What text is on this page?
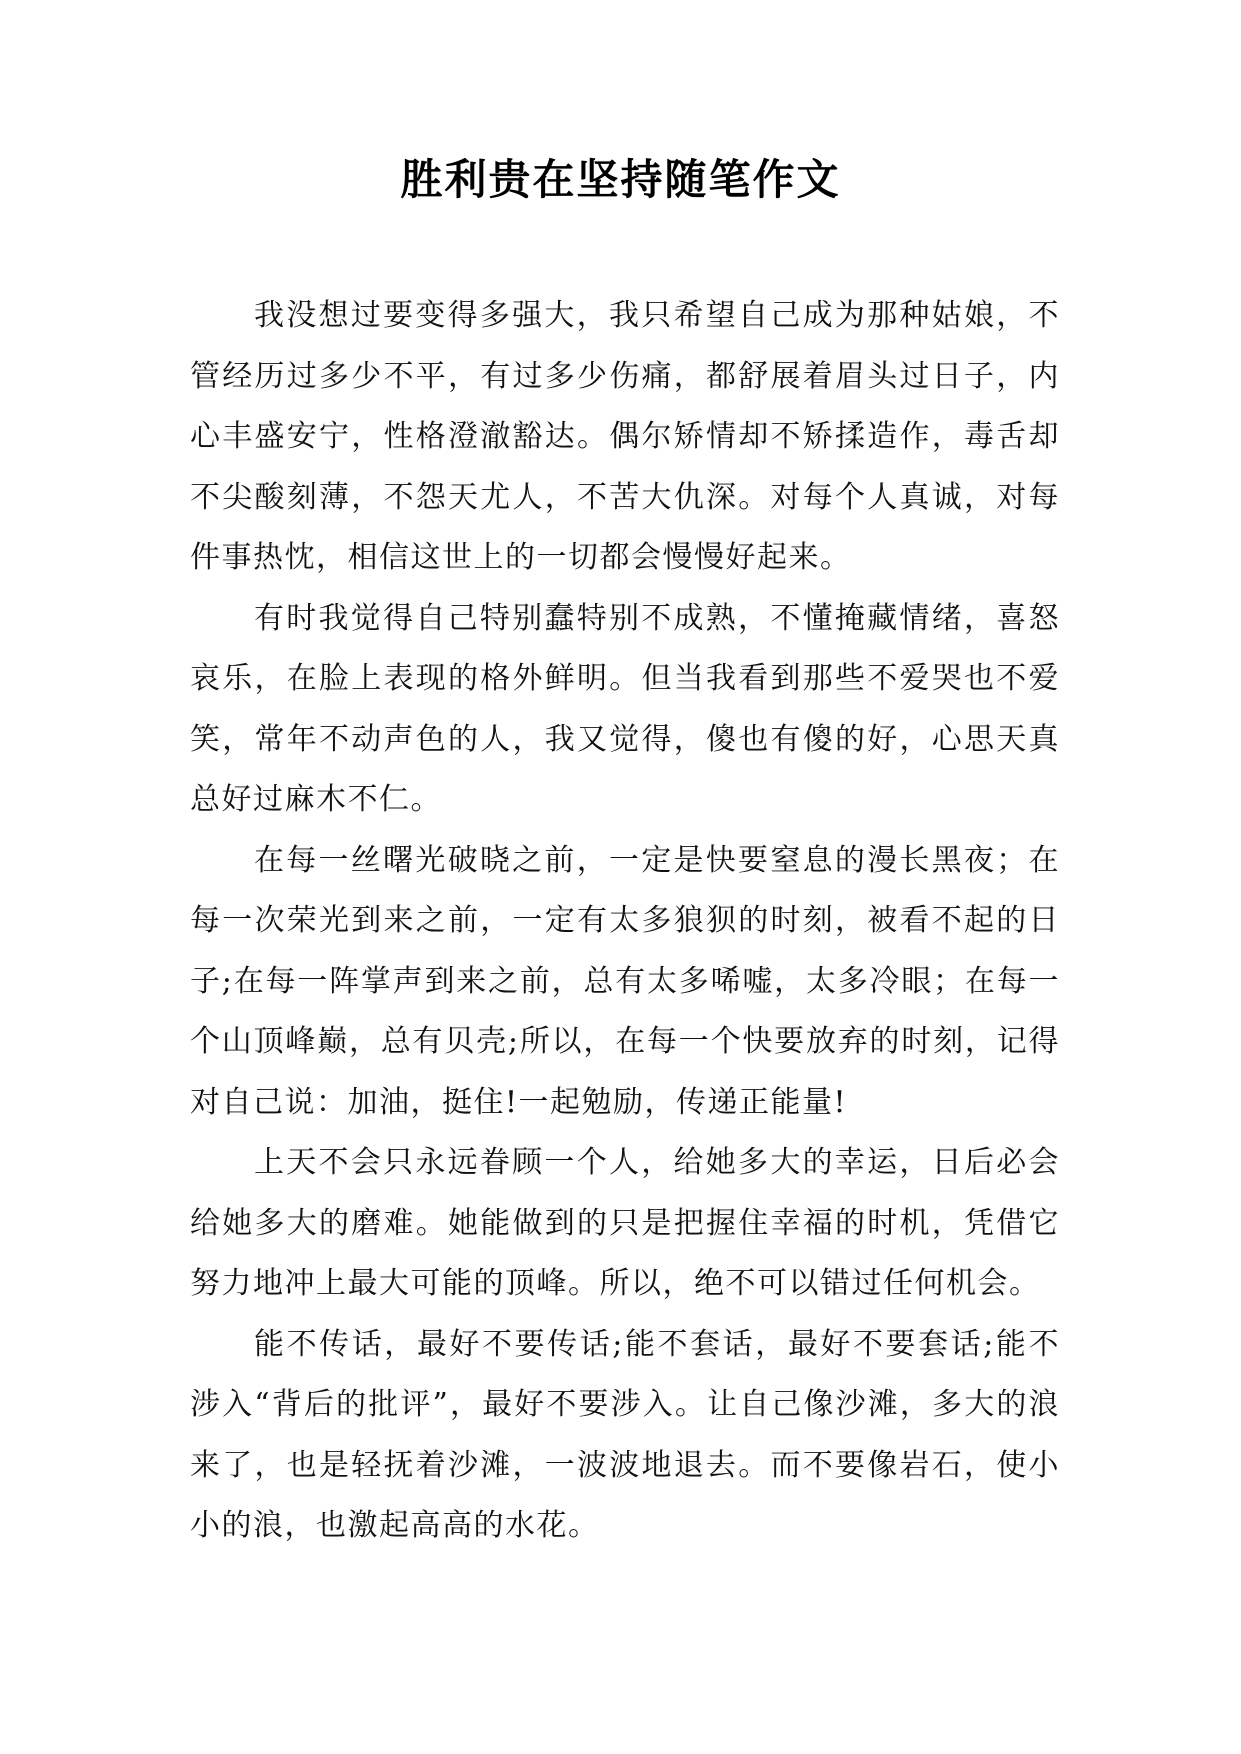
胜利贵在坚持随笔作文

我没想过要变得多强大，我只希望自己成为那种姑娘，不管经历过多少不平，有过多少伤痛，都舒展着眉头过日子，内心丰盛安宁，性格澄澈豁达。偶尔矫情却不矫揉造作，毒舌却不尖酸刻薄，不怨天尤人，不苦大仇深。对每个人真诚，对每件事热忱，相信这世上的一切都会慢慢好起来。

有时我觉得自己特别蠢特别不成熟，不懂掩藏情绪，喜怒哀乐，在脸上表现的格外鲜明。但当我看到那些不爱哭也不爱笑，常年不动声色的人，我又觉得，傻也有傻的好，心思天真总好过麻木不仁。

在每一丝曙光破晓之前，一定是快要窒息的漫长黑夜；在每一次荣光到来之前，一定有太多狼狈的时刻，被看不起的日子;在每一阵掌声到来之前，总有太多唏嘘，太多冷眼；在每一个山顶峰巅，总有贝壳;所以，在每一个快要放弃的时刻，记得对自己说：加油，挺住!一起勉励，传递正能量!

上天不会只永远眷顾一个人，给她多大的幸运，日后必会给她多大的磨难。她能做到的只是把握住幸福的时机，凭借它努力地冲上最大可能的顶峰。所以，绝不可以错过任何机会。

能不传话，最好不要传话;能不套话，最好不要套话;能不涉入“背后的批评”，最好不要涉入。让自己像沙滩，多大的浪来了，也是轻抚着沙滩，一波波地退去。而不要像岩石，使小小的浪，也激起高高的水花。
